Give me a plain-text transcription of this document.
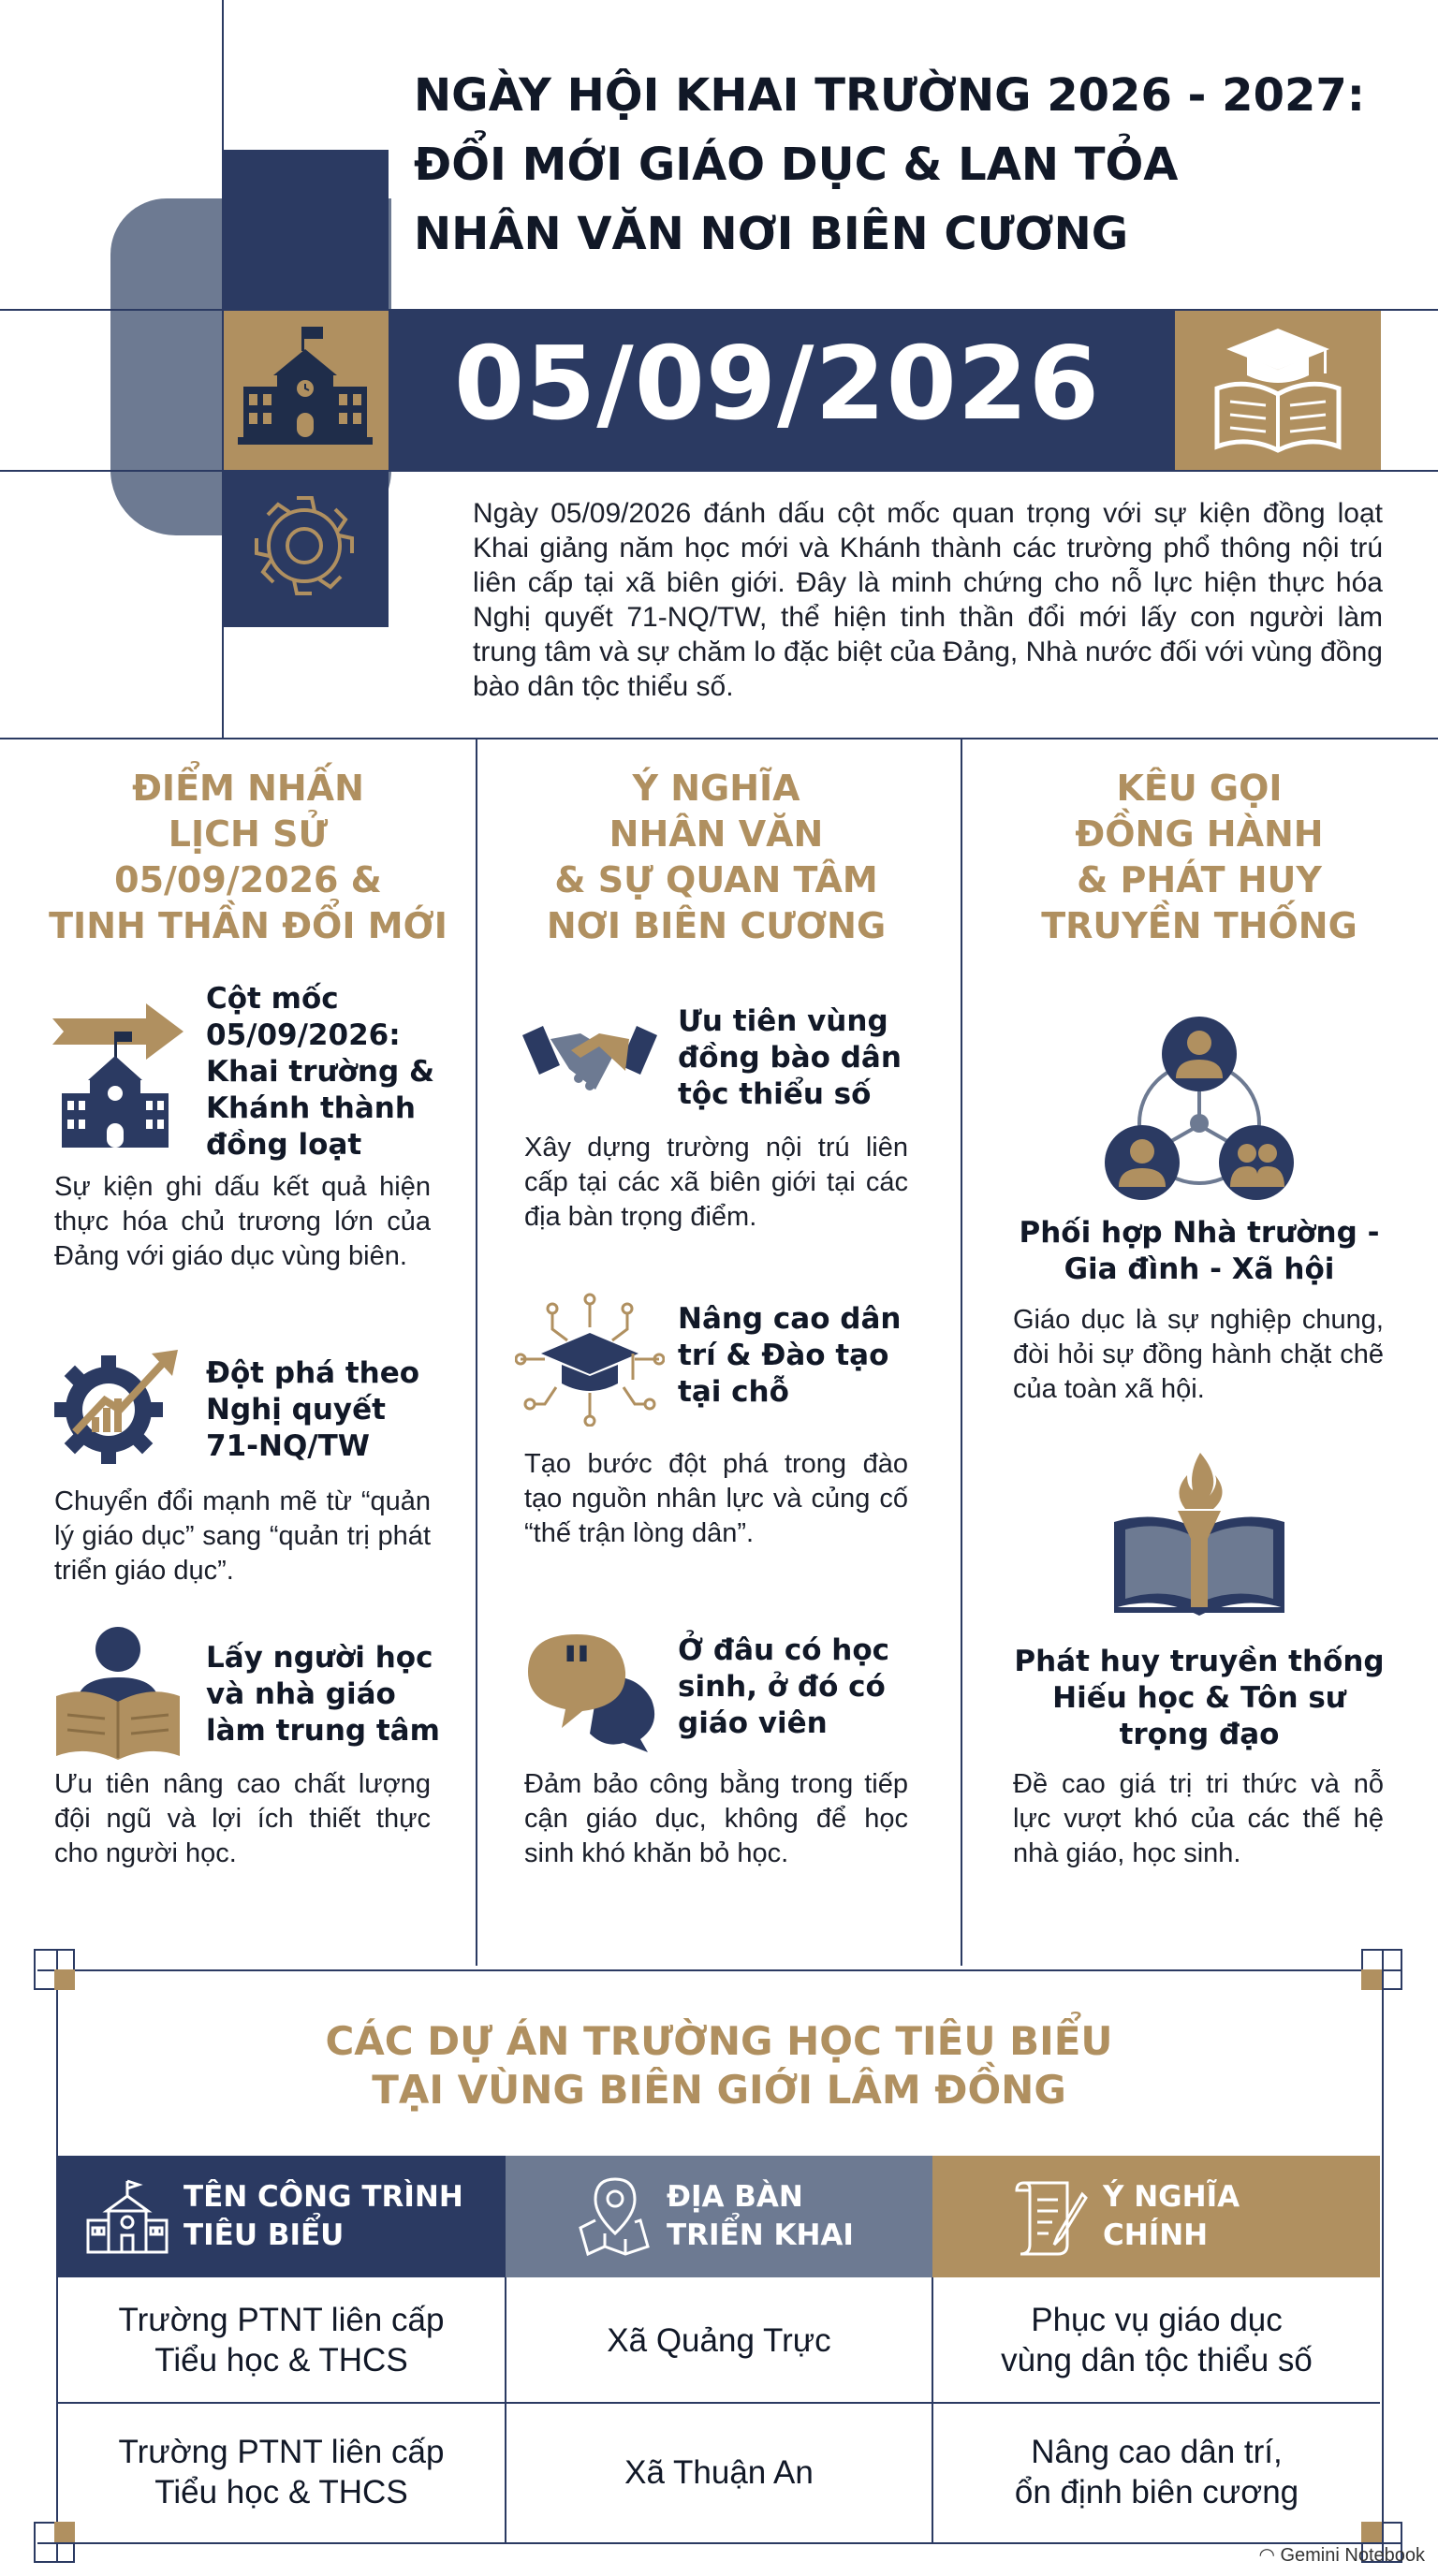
NGÀY HỘI KHAI TRƯỜNG 2026 - 2027:
ĐỔI MỚI GIÁO DỤC & LAN TỎA
NHÂN VĂN NƠI BIÊN CƯƠNG
05/09/2026
Ngày 05/09/2026 đánh dấu cột mốc quan trọng với sự kiện đồng loạt Khai giảng năm học mới và Khánh thành các trường phổ thông nội trú liên cấp tại xã biên giới. Đây là minh chứng cho nỗ lực hiện thực hóa Nghị quyết 71-NQ/TW, thể hiện tinh thần đổi mới lấy con người làm trung tâm và sự chăm lo đặc biệt của Đảng, Nhà nước đối với vùng đồng bào dân tộc thiểu số.
ĐIỂM NHẤN
LỊCH SỬ
05/09/2026 &
TINH THẦN ĐỔI MỚI
Cột mốc
05/09/2026:
Khai trường &
Khánh thành
đồng loạt
Sự kiện ghi dấu kết quả hiện thực hóa chủ trương lớn của Đảng với giáo dục vùng biên.
Đột phá theo
Nghị quyết
71-NQ/TW
Chuyển đổi mạnh mẽ từ “quản lý giáo dục” sang “quản trị phát triển giáo dục”.
Lấy người học
và nhà giáo
làm trung tâm
Ưu tiên nâng cao chất lượng đội ngũ và lợi ích thiết thực cho người học.
Ý NGHĨA
NHÂN VĂN
& SỰ QUAN TÂM
NƠI BIÊN CƯƠNG
Ưu tiên vùng
đồng bào dân
tộc thiểu số
Xây dựng trường nội trú liên cấp tại các xã biên giới tại các địa bàn trọng điểm.
Nâng cao dân
trí & Đào tạo
tại chỗ
Tạo bước đột phá trong đào tạo nguồn nhân lực và củng cố “thế trận lòng dân”.
"	Ở đâu có học
sinh, ở đó có
giáo viên
Đảm bảo công bằng trong tiếp cận giáo dục, không để học sinh khó khăn bỏ học.
KÊU GỌI
ĐỒNG HÀNH
& PHÁT HUY
TRUYỀN THỐNG
Phối hợp Nhà trường -
Gia đình - Xã hội
Giáo dục là sự nghiệp chung, đòi hỏi sự đồng hành chặt chẽ của toàn xã hội.
Phát huy truyền thống
Hiếu học & Tôn sư
trọng đạo
Đề cao giá trị tri thức và nỗ lực vượt khó của các thế hệ nhà giáo, học sinh.
CÁC DỰ ÁN TRƯỜNG HỌC TIÊU BIỂU
TẠI VÙNG BIÊN GIỚI LÂM ĐỒNG
TÊN CÔNG TRÌNH
TIÊU BIỂU
ĐỊA BÀN
TRIỂN KHAI
Ý NGHĨA
CHÍNH
Trường PTNT liên cấp
Tiểu học & THCS
Xã Quảng Trực
Phục vụ giáo dục
vùng dân tộc thiểu số
Trường PTNT liên cấp
Tiểu học & THCS
Xã Thuận An
Nâng cao dân trí,
ổn định biên cương
◠ Gemini Notebook
